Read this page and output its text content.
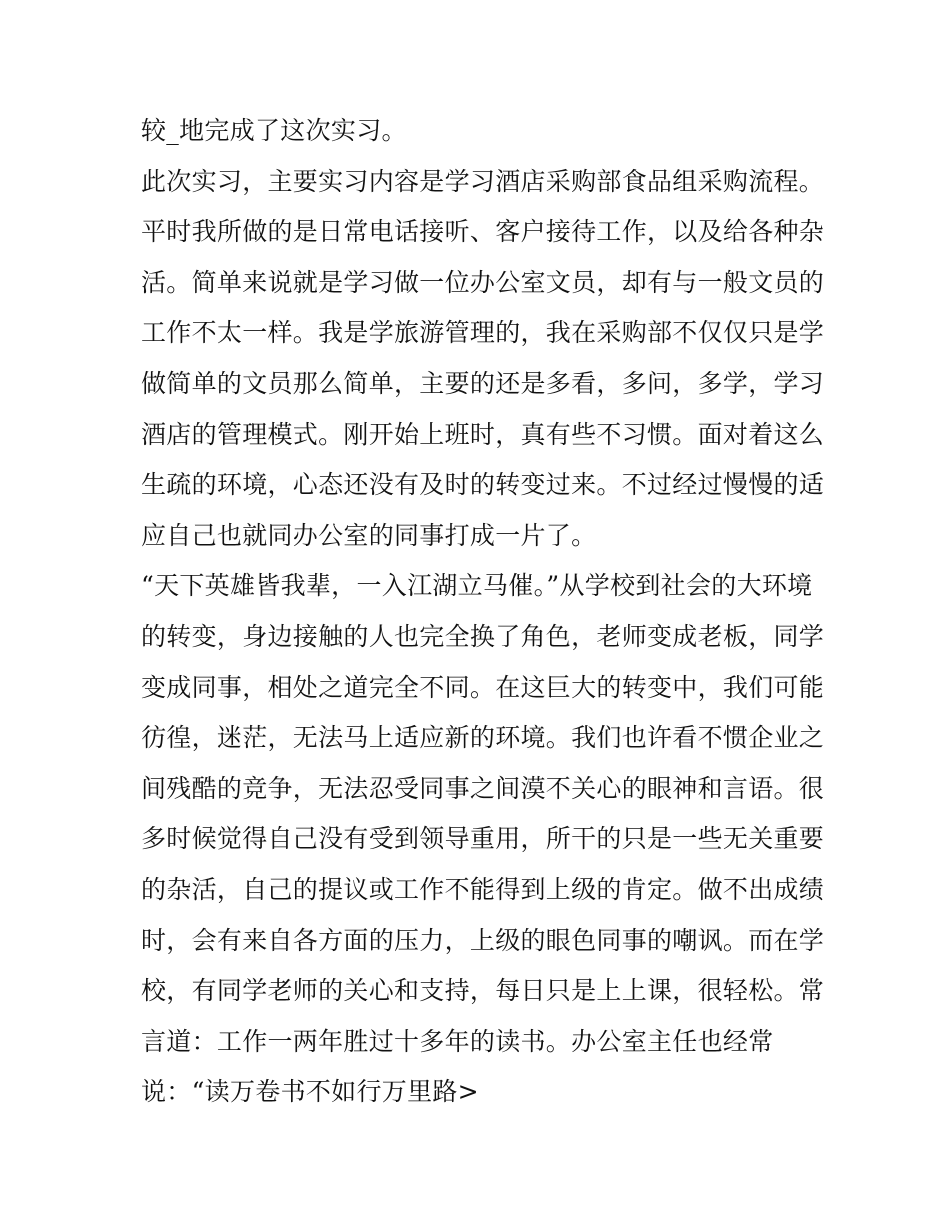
较_地完成了这次实习。
此次实习，主要实习内容是学习酒店采购部食品组采购流程。
平时我所做的是日常电话接听、客户接待工作，以及给各种杂
活。简单来说就是学习做一位办公室文员，却有与一般文员的
工作不太一样。我是学旅游管理的，我在采购部不仅仅只是学
做简单的文员那么简单，主要的还是多看，多问，多学，学习
酒店的管理模式。刚开始上班时，真有些不习惯。面对着这么
生疏的环境，心态还没有及时的转变过来。不过经过慢慢的适
应自己也就同办公室的同事打成一片了。
“天下英雄皆我辈，一入江湖立马催。”从学校到社会的大环境
的转变，身边接触的人也完全换了角色，老师变成老板，同学
变成同事，相处之道完全不同。在这巨大的转变中，我们可能
彷徨，迷茫，无法马上适应新的环境。我们也许看不惯企业之
间残酷的竞争，无法忍受同事之间漠不关心的眼神和言语。很
多时候觉得自己没有受到领导重用，所干的只是一些无关重要
的杂活，自己的提议或工作不能得到上级的肯定。做不出成绩
时，会有来自各方面的压力，上级的眼色同事的嘲讽。而在学
校，有同学老师的关心和支持，每日只是上上课，很轻松。常
言道：工作一两年胜过十多年的读书。办公室主任也经常
说：“读万卷书不如行万里路>
